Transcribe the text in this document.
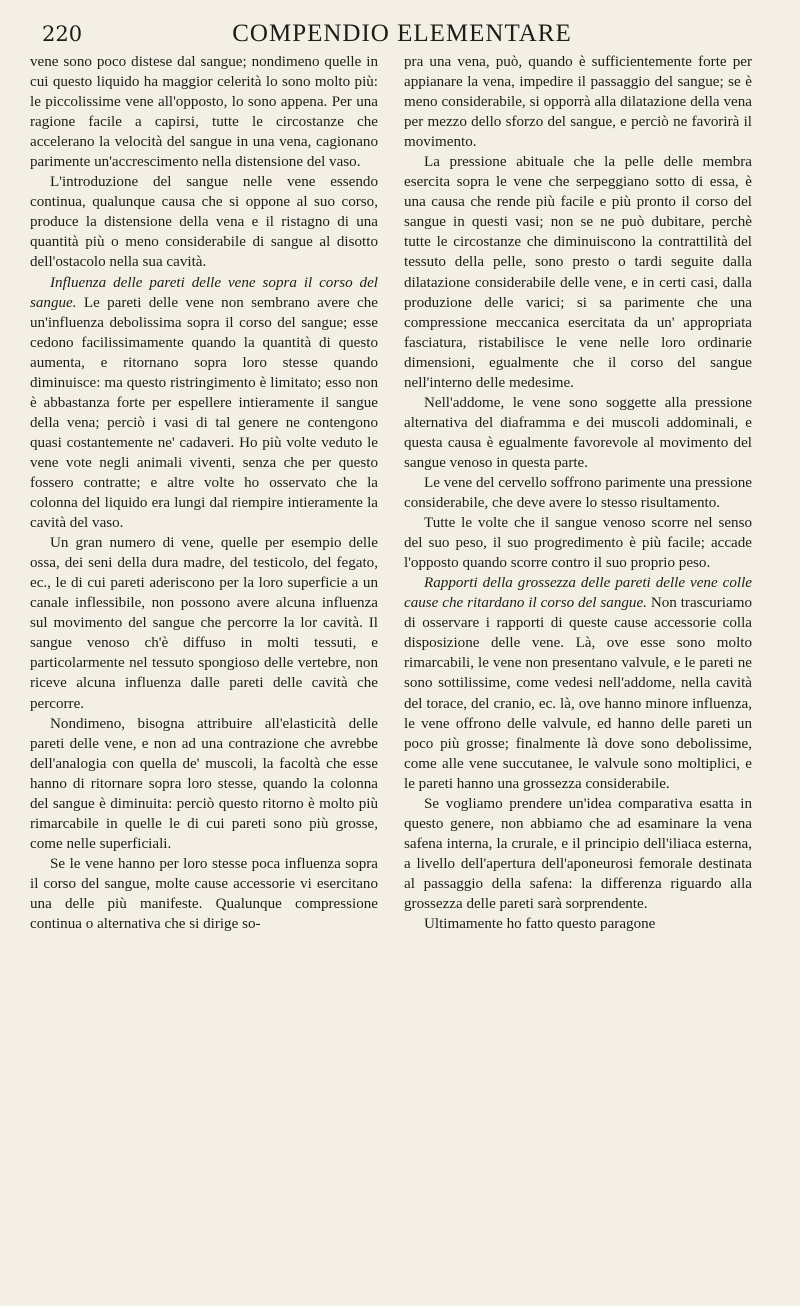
220	COMPENDIO ELEMENTARE

vene sono poco distese dal sangue; nondimeno quelle in cui questo liquido ha maggior celerità lo sono molto più: le piccolissime vene all'opposto, lo sono appena. Per una ragione facile a capirsi, tutte le circostanze che accelerano la velocità del sangue in una vena, cagionano parimente un'accrescimento nella distensione del vaso.

L'introduzione del sangue nelle vene essendo continua, qualunque causa che si oppone al suo corso, produce la distensione della vena e il ristagno di una quantità più o meno considerabile di sangue al disotto dell'ostacolo nella sua cavità.

Influenza delle pareti delle vene sopra il corso del sangue. Le pareti delle vene non sembrano avere che un'influenza debolissima sopra il corso del sangue; esse cedono facilissimamente quando la quantità di questo aumenta, e ritornano sopra loro stesse quando diminuisce: ma questo ristringimento è limitato; esso non è abbastanza forte per espellere intieramente il sangue della vena; perciò i vasi di tal genere ne contengono quasi costantemente ne' cadaveri. Ho più volte veduto le vene vote negli animali viventi, senza che per questo fossero contratte; e altre volte ho osservato che la colonna del liquido era lungi dal riempire intieramente la cavità del vaso.

Un gran numero di vene, quelle per esempio delle ossa, dei seni della dura madre, del testicolo, del fegato, ec., le di cui pareti aderiscono per la loro superficie a un canale inflessibile, non possono avere alcuna influenza sul movimento del sangue che percorre la lor cavità. Il sangue venoso ch'è diffuso in molti tessuti, e particolarmente nel tessuto spongioso delle vertebre, non riceve alcuna influenza dalle pareti delle cavità che percorre.

Nondimeno, bisogna attribuire all'elasticità delle pareti delle vene, e non ad una contrazione che avrebbe dell'analogia con quella de' muscoli, la facoltà che esse hanno di ritornare sopra loro stesse, quando la colonna del sangue è diminuita: perciò questo ritorno è molto più rimarcabile in quelle le di cui pareti sono più grosse, come nelle superficiali.

Se le vene hanno per loro stesse poca influenza sopra il corso del sangue, molte cause accessorie vi esercitano una delle più manifeste. Qualunque compressione continua o alternativa che si dirige so-

pra una vena, può, quando è sufficientemente forte per appianare la vena, impedire il passaggio del sangue; se è meno considerabile, si opporrà alla dilatazione della vena per mezzo dello sforzo del sangue, e perciò ne favorirà il movimento.

La pressione abituale che la pelle delle membra esercita sopra le vene che serpeggiano sotto di essa, è una causa che rende più facile e più pronto il corso del sangue in questi vasi; non se ne può dubitare, perchè tutte le circostanze che diminuiscono la contrattilità del tessuto della pelle, sono presto o tardi seguite dalla dilatazione considerabile delle vene, e in certi casi, dalla produzione delle varici; si sa parimente che una compressione meccanica esercitata da un' appropriata fasciatura, ristabilisce le vene nelle loro ordinarie dimensioni, egualmente che il corso del sangue nell'interno delle medesime.

Nell'addome, le vene sono soggette alla pressione alternativa del diaframma e dei muscoli addominali, e questa causa è egualmente favorevole al movimento del sangue venoso in questa parte.

Le vene del cervello soffrono parimente una pressione considerabile, che deve avere lo stesso risultamento.

Tutte le volte che il sangue venoso scorre nel senso del suo peso, il suo progredimento è più facile; accade l'opposto quando scorre contro il suo proprio peso.

Rapporti della grossezza delle pareti delle vene colle cause che ritardano il corso del sangue. Non trascuriamo di osservare i rapporti di queste cause accessorie colla disposizione delle vene. Là, ove esse sono molto rimarcabili, le vene non presentano valvule, e le pareti ne sono sottilissime, come vedesi nell'addome, nella cavità del torace, del cranio, ec. là, ove hanno minore influenza, le vene offrono delle valvule, ed hanno delle pareti un poco più grosse; finalmente là dove sono debolissime, come alle vene succutanee, le valvule sono moltiplici, e le pareti hanno una grossezza considerabile.

Se vogliamo prendere un'idea comparativa esatta in questo genere, non abbiamo che ad esaminare la vena safena interna, la crurale, e il principio dell'iliaca esterna, a livello dell'apertura dell'aponeurosi femorale destinata al passaggio della safena: la differenza riguardo alla grossezza delle pareti sarà sorprendente.

Ultimamente ho fatto questo paragone
